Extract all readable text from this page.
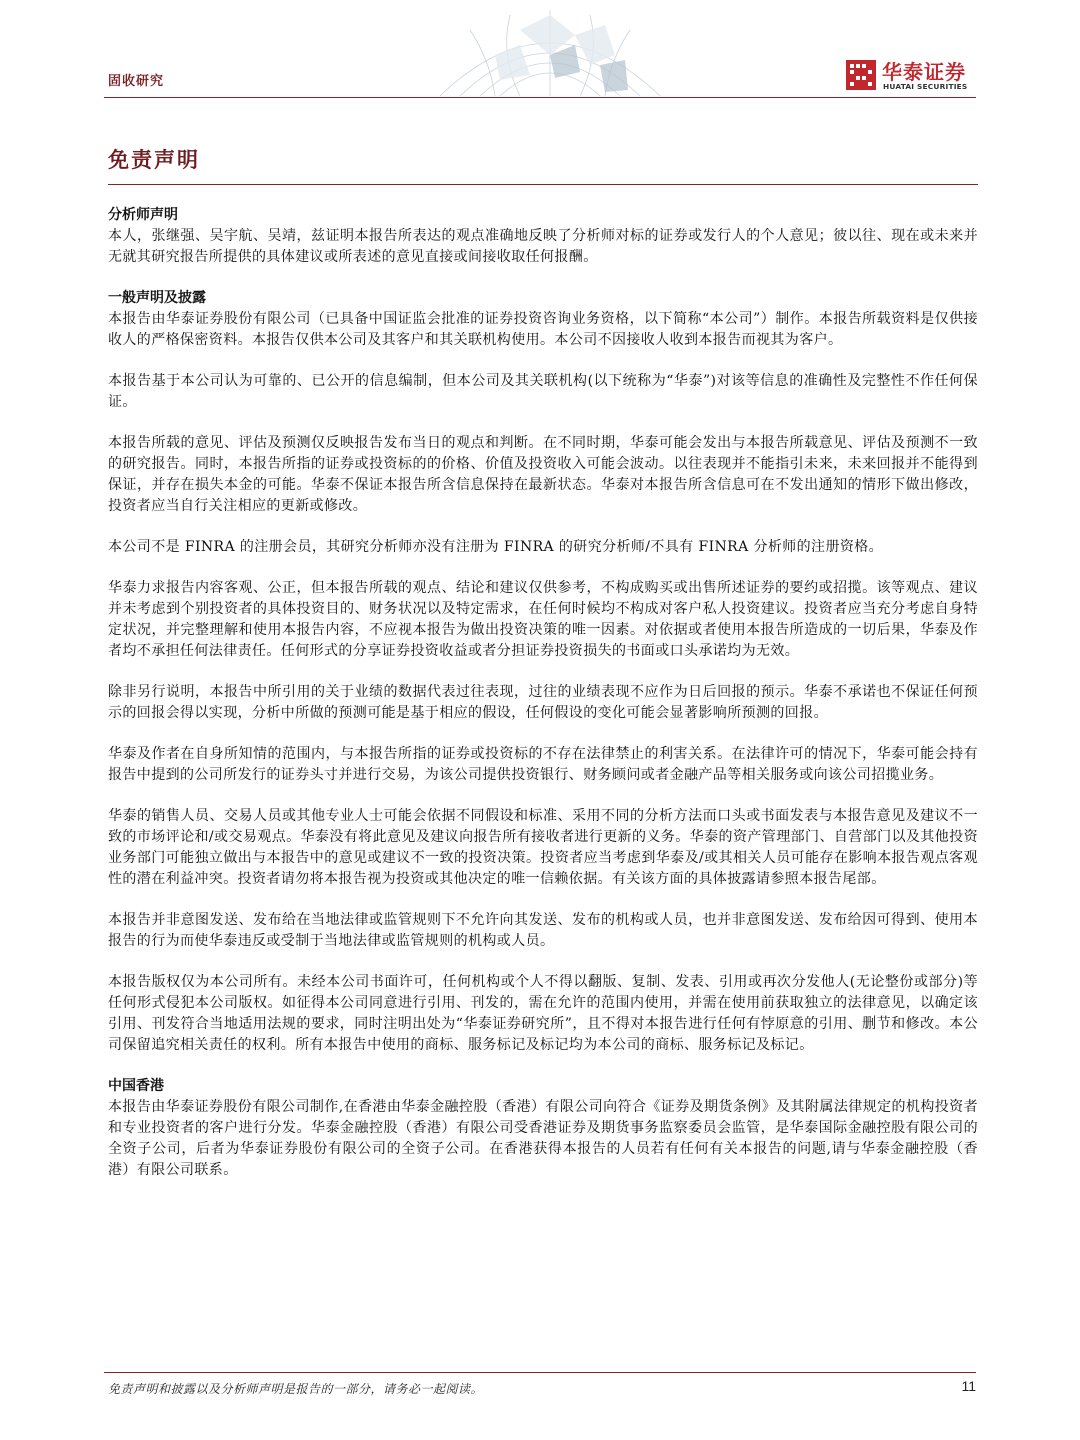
固收研究	华泰证券
HUATAI SECURITIES
免责声明

分析师声明

本人，张继强、吴宇航、吴靖，兹证明本报告所表达的观点准确地反映了分析师对标的证券或发行人的个人意见；彼以往、现在或未来并无就其研究报告所提供的具体建议或所表述的意见直接或间接收取任何报酬。

一般声明及披露

本报告由华泰证券股份有限公司（已具备中国证监会批准的证券投资咨询业务资格，以下简称“本公司”）制作。本报告所载资料是仅供接收人的严格保密资料。本报告仅供本公司及其客户和其关联机构使用。本公司不因接收人收到本报告而视其为客户。

本报告基于本公司认为可靠的、已公开的信息编制，但本公司及其关联机构(以下统称为“华泰”)对该等信息的准确性及完整性不作任何保证。

本报告所载的意见、评估及预测仅反映报告发布当日的观点和判断。在不同时期，华泰可能会发出与本报告所载意见、评估及预测不一致的研究报告。同时，本报告所指的证券或投资标的的价格、价值及投资收入可能会波动。以往表现并不能指引未来，未来回报并不能得到保证，并存在损失本金的可能。华泰不保证本报告所含信息保持在最新状态。华泰对本报告所含信息可在不发出通知的情形下做出修改，投资者应当自行关注相应的更新或修改。

本公司不是 FINRA 的注册会员，其研究分析师亦没有注册为 FINRA 的研究分析师/不具有 FINRA 分析师的注册资格。

华泰力求报告内容客观、公正，但本报告所载的观点、结论和建议仅供参考，不构成购买或出售所述证券的要约或招揽。该等观点、建议并未考虑到个别投资者的具体投资目的、财务状况以及特定需求，在任何时候均不构成对客户私人投资建议。投资者应当充分考虑自身特定状况，并完整理解和使用本报告内容，不应视本报告为做出投资决策的唯一因素。对依据或者使用本报告所造成的一切后果，华泰及作者均不承担任何法律责任。任何形式的分享证券投资收益或者分担证券投资损失的书面或口头承诺均为无效。

除非另行说明，本报告中所引用的关于业绩的数据代表过往表现，过往的业绩表现不应作为日后回报的预示。华泰不承诺也不保证任何预示的回报会得以实现，分析中所做的预测可能是基于相应的假设，任何假设的变化可能会显著影响所预测的回报。

华泰及作者在自身所知情的范围内，与本报告所指的证券或投资标的不存在法律禁止的利害关系。在法律许可的情况下，华泰可能会持有报告中提到的公司所发行的证券头寸并进行交易，为该公司提供投资银行、财务顾问或者金融产品等相关服务或向该公司招揽业务。

华泰的销售人员、交易人员或其他专业人士可能会依据不同假设和标准、采用不同的分析方法而口头或书面发表与本报告意见及建议不一致的市场评论和/或交易观点。华泰没有将此意见及建议向报告所有接收者进行更新的义务。华泰的资产管理部门、自营部门以及其他投资业务部门可能独立做出与本报告中的意见或建议不一致的投资决策。投资者应当考虑到华泰及/或其相关人员可能存在影响本报告观点客观性的潜在利益冲突。投资者请勿将本报告视为投资或其他决定的唯一信赖依据。有关该方面的具体披露请参照本报告尾部。

本报告并非意图发送、发布给在当地法律或监管规则下不允许向其发送、发布的机构或人员，也并非意图发送、发布给因可得到、使用本报告的行为而使华泰违反或受制于当地法律或监管规则的机构或人员。

本报告版权仅为本公司所有。未经本公司书面许可，任何机构或个人不得以翻版、复制、发表、引用或再次分发他人(无论整份或部分)等任何形式侵犯本公司版权。如征得本公司同意进行引用、刊发的，需在允许的范围内使用，并需在使用前获取独立的法律意见，以确定该引用、刊发符合当地适用法规的要求，同时注明出处为“华泰证券研究所”，且不得对本报告进行任何有悖原意的引用、删节和修改。本公司保留追究相关责任的权利。所有本报告中使用的商标、服务标记及标记均为本公司的商标、服务标记及标记。

中国香港

本报告由华泰证券股份有限公司制作,在香港由华泰金融控股（香港）有限公司向符合《证券及期货条例》及其附属法律规定的机构投资者和专业投资者的客户进行分发。华泰金融控股（香港）有限公司受香港证券及期货事务监察委员会监管，是华泰国际金融控股有限公司的全资子公司，后者为华泰证券股份有限公司的全资子公司。在香港获得本报告的人员若有任何有关本报告的问题,请与华泰金融控股（香港）有限公司联系。

免责声明和披露以及分析师声明是报告的一部分，请务必一起阅读。	11
